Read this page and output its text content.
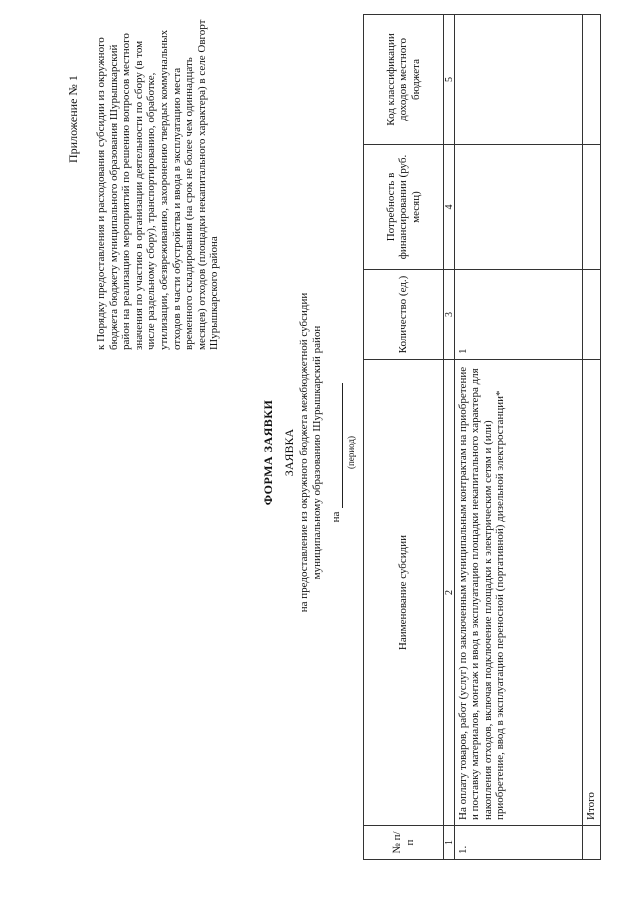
Приложение № 1 к Порядку предоставления и расходования субсидии из окружного бюджета бюджету муниципального образования Шурышкарский район на реализацию мероприятий по решению вопросов местного значения по участию в организации деятельности по сбору (в том числе раздельному сбору), транспортированию, обработке, утилизации, обезвреживанию, захоронению твердых коммунальных отходов в части обустройства и ввода в эксплуатацию места временного складирования (на срок не более чем одиннадцать месяцев) отходов (площадки некапитального характера) в селе Овгорт Шурышкарского района
ФОРМА ЗАЯВКИ ЗАЯВКА на предоставление из окружного бюджета межбюджетной субсидии муниципальному образованию Шурышкарский район на
(период)
№ п/п	Наименование субсидии	Количество (ед.)	Потребность в финансировании (руб. месяц)	Код классификации доходов местного бюджета
1	2	3	4	5
1.	На оплату товаров, работ (услуг) по заключенным муниципальным контрактам на приобретение и поставку материалов, монтаж и ввод в эксплуатацию площадки некапитального характера для накопления отходов, включая подключение площадки к электрическим сетям и (или) приобретение, ввод в эксплуатацию переносной (портативной) дизельной электростанции*	1		
	Итого			
